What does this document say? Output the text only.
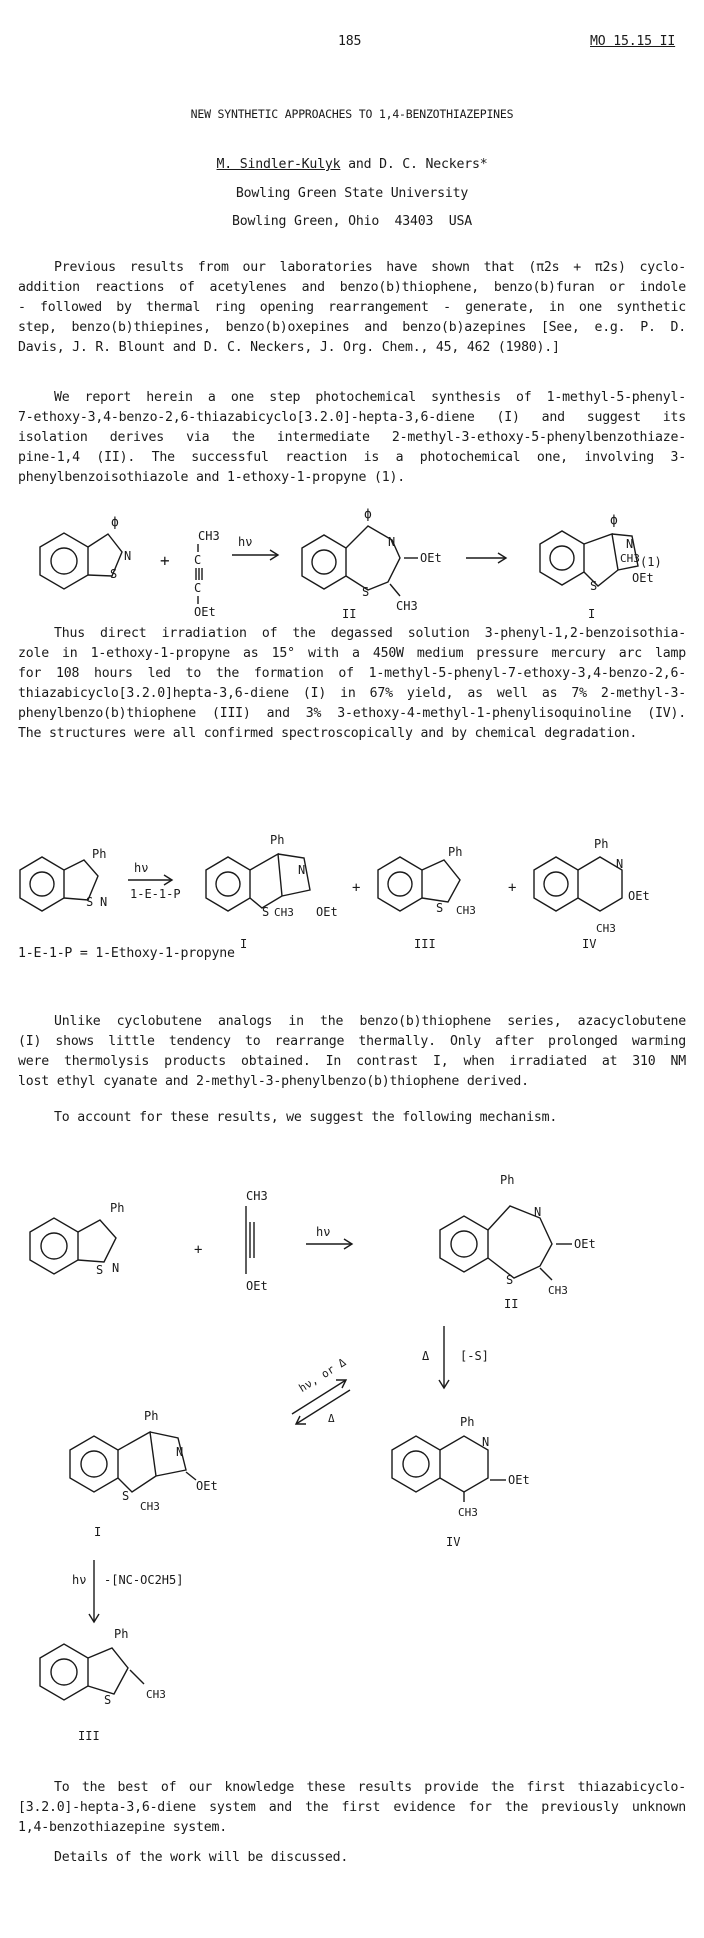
185	MO 15.15 II
NEW SYNTHETIC APPROACHES TO 1,4-BENZOTHIAZEPINES
M. Sindler-Kulyk and D. C. Neckers*
Bowling Green State University
Bowling Green, Ohio  43403  USA
Previous results from our laboratories have shown that (π2s + π2s) cyclo-
addition reactions of acetylenes and benzo(b)thiophene, benzo(b)furan or indole
- followed by thermal ring opening rearrangement - generate, in one synthetic
step, benzo(b)thiepines, benzo(b)oxepines and benzo(b)azepines [See, e.g. P. D.
Davis, J. R. Blount and D. C. Neckers, J. Org. Chem., 45, 462 (1980).]
We report herein a one step photochemical synthesis of 1-methyl-5-phenyl-
7-ethoxy-3,4-benzo-2,6-thiazabicyclo[3.2.0]-hepta-3,6-diene (I) and suggest its
isolation derives via the intermediate 2-methyl-3-ethoxy-5-phenylbenzothiaze-
pine-1,4 (II). The successful reaction is a photochemical one, involving 3-
phenylbenzoisothiazole and 1-ethoxy-1-propyne (1).
S
N
ϕ
+
CH3
C
C
OEt
hν
ϕ
N
S
OEt
CH3
II
ϕ
N
S
CH3 (1)
OEt
I
Thus direct irradiation of the degassed solution 3-phenyl-1,2-benzoisothia-
zole in 1-ethoxy-1-propyne as 15° with a 450W medium pressure mercury arc lamp
for 108 hours led to the formation of 1-methyl-5-phenyl-7-ethoxy-3,4-benzo-2,6-
thiazabicyclo[3.2.0]hepta-3,6-diene (I) in 67% yield, as well as 7% 2-methyl-3-
phenylbenzo(b)thiophene (III) and 3% 3-ethoxy-4-methyl-1-phenylisoquinoline (IV).
The structures were all confirmed spectroscopically and by chemical degradation.
Ph
S N
hν
1-E-1-P
Ph
N
S CH3 OEt
I
+
Ph
S CH3
III
+
Ph
N
OEt
CH3
IV
1-E-1-P = 1-Ethoxy-1-propyne
Unlike cyclobutene analogs in the benzo(b)thiophene series, azacyclobutene
(I) shows little tendency to rearrange thermally. Only after prolonged warming
were thermolysis products obtained. In contrast I, when irradiated at 310 NM
lost ethyl cyanate and 2-methyl-3-phenylbenzo(b)thiophene derived.
To account for these results, we suggest the following mechanism.
Ph
S N
+
CH3
OEt
hν
Ph
N
S
OEt
CH3
II
Δ	[-S]
hν, or Δ
Δ
Ph
N
S
CH3
OEt
I
Ph
N
OEt
CH3
IV
hν -[NC-OC2H5]
Ph
S	CH3
III
To the best of our knowledge these results provide the first thiazabicyclo-
[3.2.0]-hepta-3,6-diene system and the first evidence for the previously unknown
1,4-benzothiazepine system.
Details of the work will be discussed.
